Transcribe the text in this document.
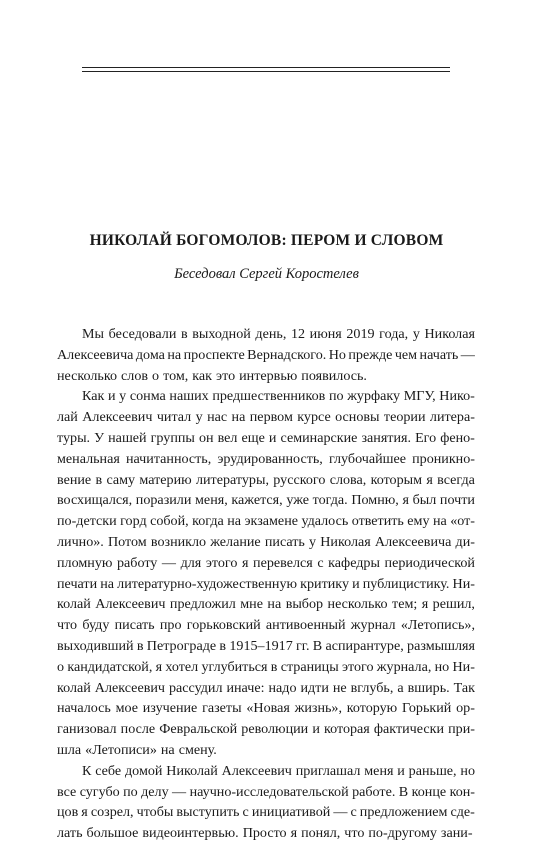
НИКОЛАЙ БОГОМОЛОВ: ПЕРОМ И СЛОВОМ
Беседовал Сергей Коростелев
Мы беседовали в выходной день, 12 июня 2019 года, у Николая
Алексеевича дома на проспекте Вернадского. Но прежде чем начать —
несколько слов о том, как это интервью появилось.
Как и у сонма наших предшественников по журфаку МГУ, Нико-
лай Алексеевич читал у нас на первом курсе основы теории литера-
туры. У нашей группы он вел еще и семинарские занятия. Его фено-
менальная начитанность, эрудированность, глубочайшее проникно-
вение в саму материю литературы, русского слова, которым я всегда
восхищался, поразили меня, кажется, уже тогда. Помню, я был почти
по-детски горд собой, когда на экзамене удалось ответить ему на «от-
лично». Потом возникло желание писать у Николая Алексеевича ди-
пломную работу — для этого я перевелся с кафедры периодической
печати на литературно-художественную критику и публицистику. Ни-
колай Алексеевич предложил мне на выбор несколько тем; я решил,
что буду писать про горьковский антивоенный журнал «Летопись»,
выходивший в Петрограде в 1915–1917 гг. В аспирантуре, размышляя
о кандидатской, я хотел углубиться в страницы этого журнала, но Ни-
колай Алексеевич рассудил иначе: надо идти не вглубь, а вширь. Так
началось мое изучение газеты «Новая жизнь», которую Горький ор-
ганизовал после Февральской революции и которая фактически при-
шла «Летописи» на смену.
К себе домой Николай Алексеевич приглашал меня и раньше, но
все сугубо по делу — научно-исследовательской работе. В конце кон-
цов я созрел, чтобы выступить с инициативой — с предложением сде-
лать большое видеоинтервью. Просто я понял, что по-другому зани-
